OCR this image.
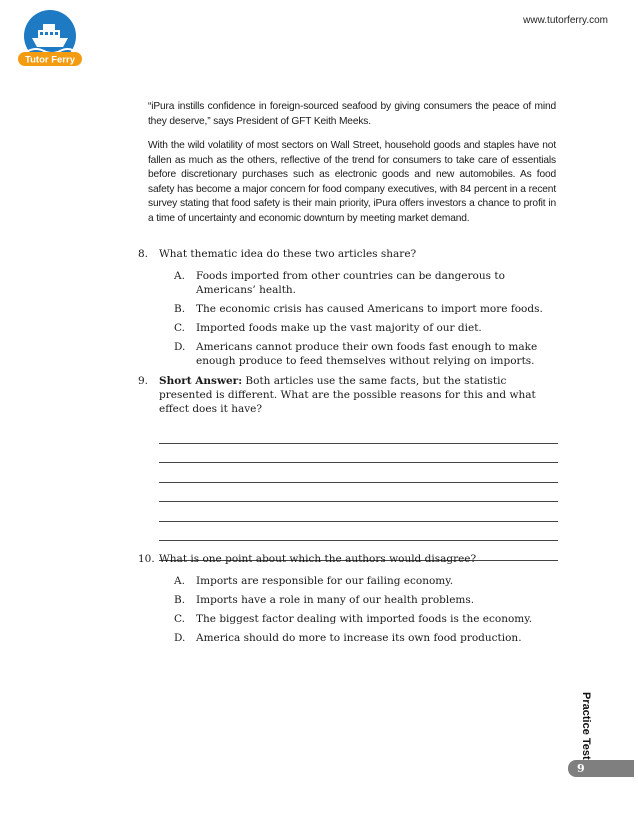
Tutor Ferry
www.tutorferry.com

“iPura instills confidence in foreign-sourced seafood by giving consumers the peace of mind they deserve,” says President of GFT Keith Meeks.

With the wild volatility of most sectors on Wall Street, household goods and staples have not fallen as much as the others, reflective of the trend for consumers to take care of essentials before discretionary purchases such as electronic goods and new automobiles. As food safety has become a major concern for food company executives, with 84 percent in a recent survey stating that food safety is their main priority, iPura offers investors a chance to profit in a time of uncertainty and economic downturn by meeting market demand.

8. What thematic idea do these two articles share?
A. Foods imported from other countries can be dangerous to Americans’ health.
B. The economic crisis has caused Americans to import more foods.
C. Imported foods make up the vast majority of our diet.
D. Americans cannot produce their own foods fast enough to make enough produce to feed themselves without relying on imports.
9. Short Answer: Both articles use the same facts, but the statistic presented is different. What are the possible reasons for this and what effect does it have?
10. What is one point about which the authors would disagree?
A. Imports are responsible for our failing economy.
B. Imports have a role in many of our health problems.
C. The biggest factor dealing with imported foods is the economy.
D. America should do more to increase its own food production.
Practice Test
9
